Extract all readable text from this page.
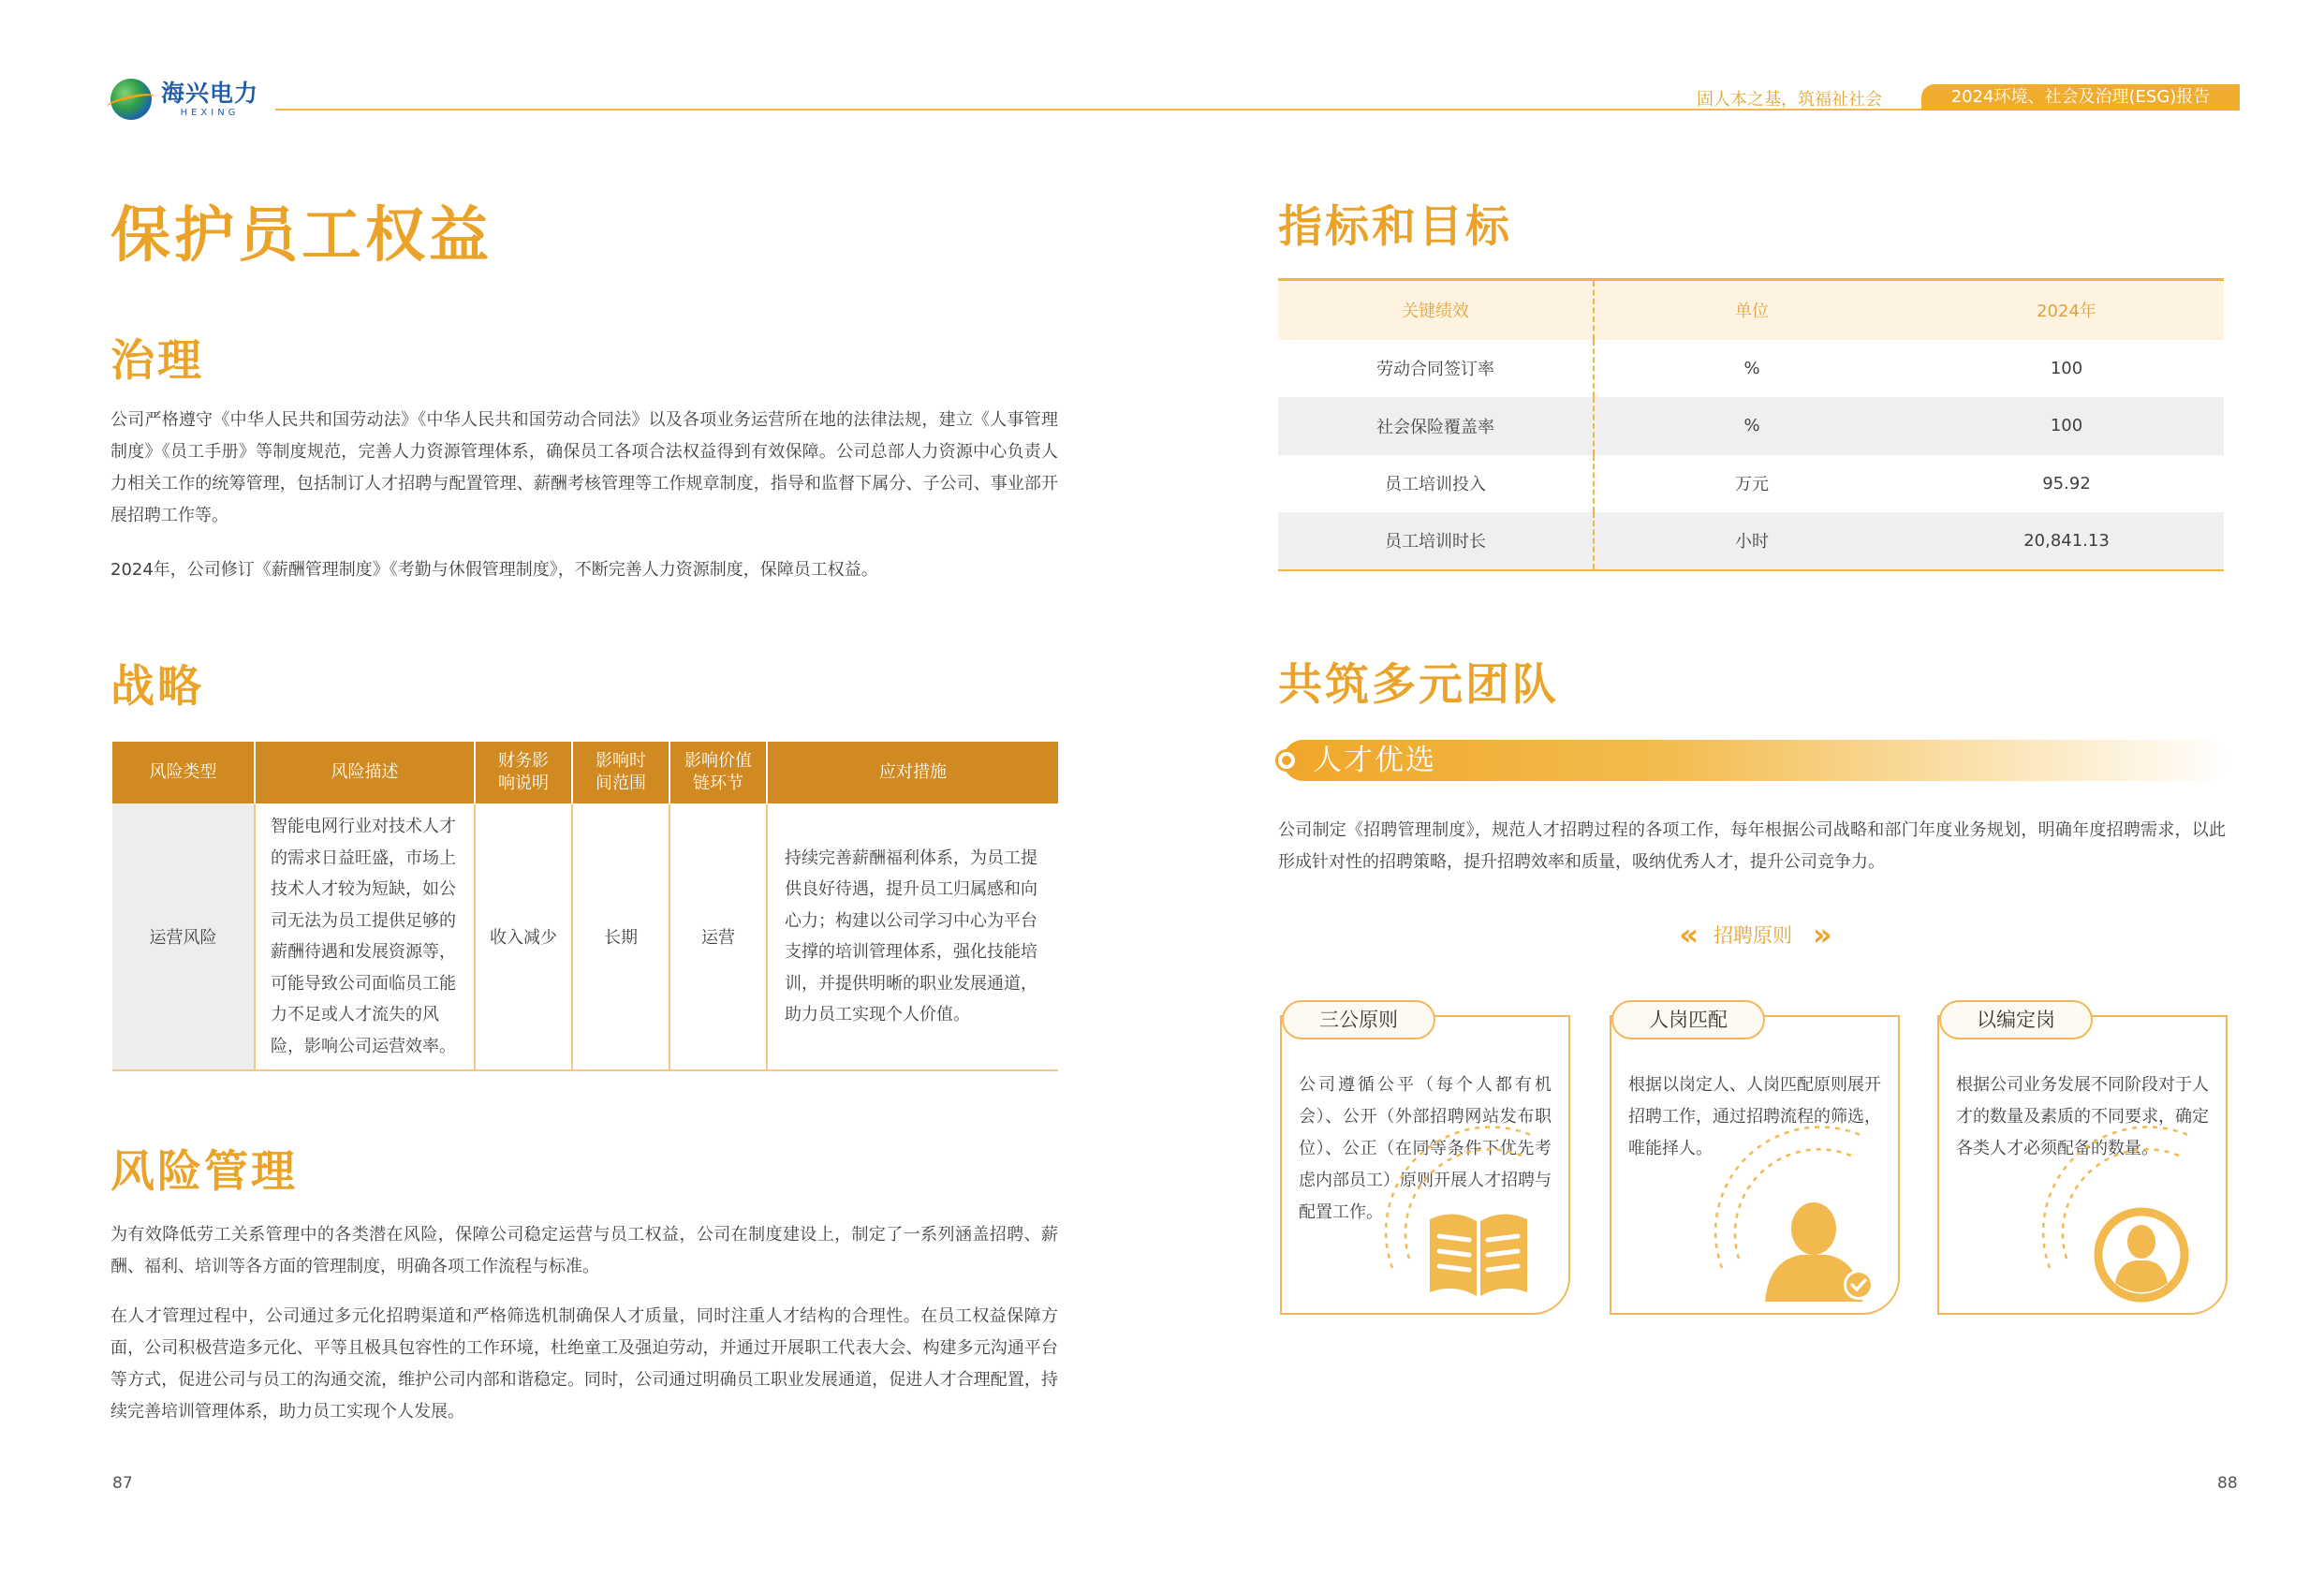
海兴电力
HEXING
固人本之基，筑福祉社会	2024环境、社会及治理(ESG)报告
保护员工权益
治理

公司严格遵守《中华人民共和国劳动法》《中华人民共和国劳动合同法》以及各项业务运营所在地的法律法规，建立《人事管理制度》《员工手册》等制度规范，完善人力资源管理体系，确保员工各项合法权益得到有效保障。公司总部人力资源中心负责人力相关工作的统筹管理，包括制订人才招聘与配置管理、薪酬考核管理等工作规章制度，指导和监督下属分、子公司、事业部开展招聘工作等。

2024年，公司修订《薪酬管理制度》《考勤与休假管理制度》，不断完善人力资源制度，保障员工权益。

战略
风险类型	风险描述	财务影响说明	影响时间范围	影响价值链环节	应对措施
运营风险	智能电网行业对技术人才的需求日益旺盛，市场上技术人才较为短缺，如公司无法为员工提供足够的薪酬待遇和发展资源等，可能导致公司面临员工能力不足或人才流失的风险，影响公司运营效率。	收入减少	长期	运营	持续完善薪酬福利体系，为员工提供良好待遇，提升员工归属感和向心力；构建以公司学习中心为平台支撑的培训管理体系，强化技能培训，并提供明晰的职业发展通道，助力员工实现个人价值。
风险管理

为有效降低劳工关系管理中的各类潜在风险，保障公司稳定运营与员工权益，公司在制度建设上，制定了一系列涵盖招聘、薪酬、福利、培训等各方面的管理制度，明确各项工作流程与标准。

在人才管理过程中，公司通过多元化招聘渠道和严格筛选机制确保人才质量，同时注重人才结构的合理性。在员工权益保障方面，公司积极营造多元化、平等且极具包容性的工作环境，杜绝童工及强迫劳动，并通过开展职工代表大会、构建多元沟通平台等方式，促进公司与员工的沟通交流，维护公司内部和谐稳定。同时，公司通过明确员工职业发展通道，促进人才合理配置，持续完善培训管理体系，助力员工实现个人发展。

87
指标和目标
关键绩效	单位	2024年
劳动合同签订率	%	100
社会保险覆盖率	%	100
员工培训投入	万元	95.92
员工培训时长	小时	20,841.13
共筑多元团队
人才优选

公司制定《招聘管理制度》，规范人才招聘过程的各项工作，每年根据公司战略和部门年度业务规划，明确年度招聘需求，以此形成针对性的招聘策略，提升招聘效率和质量，吸纳优秀人才，提升公司竞争力。

« 招聘原则 »
三公原则

公司遵循公平（每个人都有机会）、公开（外部招聘网站发布职位）、公正（在同等条件下优先考虑内部员工）原则开展人才招聘与配置工作。

人岗匹配

根据以岗定人、人岗匹配原则展开招聘工作，通过招聘流程的筛选，唯能择人。

以编定岗

根据公司业务发展不同阶段对于人才的数量及素质的不同要求，确定各类人才必须配备的数量。

88
